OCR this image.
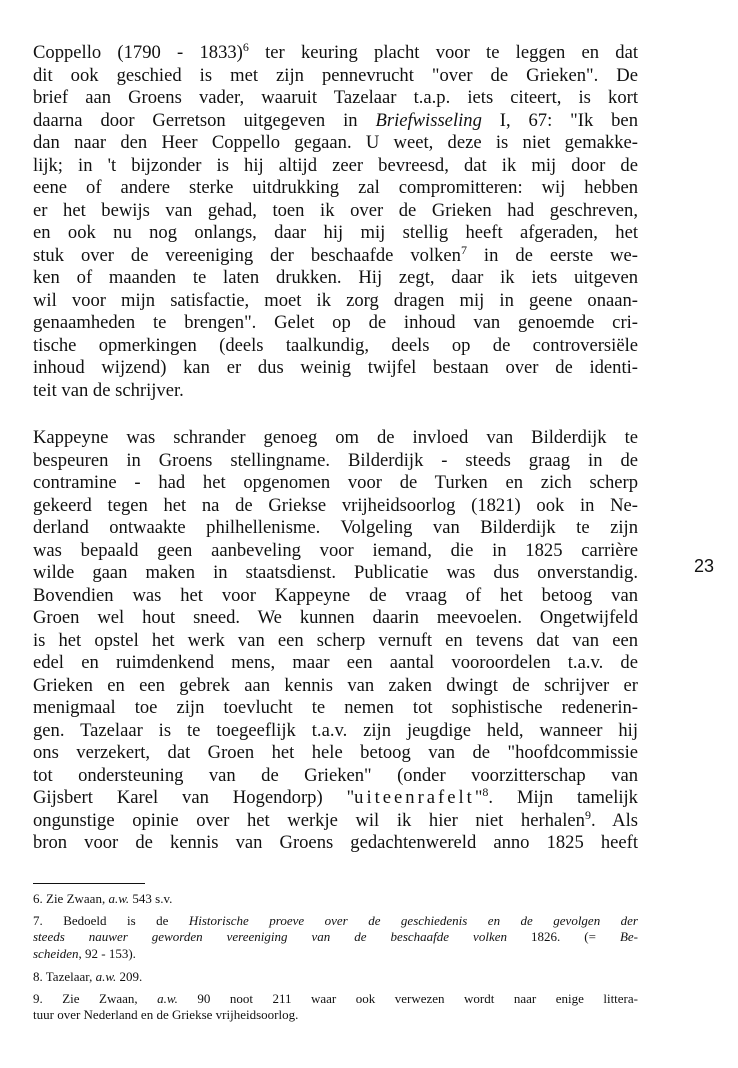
Coppello (1790 - 1833)$^6$ ter keuring placht voor te leggen en dat
dit ook geschied is met zijn pennevrucht "over de Grieken". De
brief aan Groens vader, waaruit Tazelaar t.a.p. iets citeert, is kort
daarna door Gerretson uitgegeven in Briefwisseling I, 67: "Ik ben
dan naar den Heer Coppello gegaan. U weet, deze is niet gemakke-
lijk; in 't bijzonder is hij altijd zeer bevreesd, dat ik mij door de
eene of andere sterke uitdrukking zal compromitteren: wij hebben
er het bewijs van gehad, toen ik over de Grieken had geschreven,
en ook nu nog onlangs, daar hij mij stellig heeft afgeraden, het
stuk over de vereeniging der beschaafde volken$^7$ in de eerste we-
ken of maanden te laten drukken. Hij zegt, daar ik iets uitgeven
wil voor mijn satisfactie, moet ik zorg dragen mij in geene onaan-
genaamheden te brengen". Gelet op de inhoud van genoemde cri-
tische opmerkingen (deels taalkundig, deels op de controversiële
inhoud wijzend) kan er dus weinig twijfel bestaan over de identi-
teit van de schrijver.

Kappeyne was schrander genoeg om de invloed van Bilderdijk te
bespeuren in Groens stellingname. Bilderdijk - steeds graag in de
contramine - had het opgenomen voor de Turken en zich scherp
gekeerd tegen het na de Griekse vrijheidsoorlog (1821) ook in Ne-
derland ontwaakte philhellenisme. Volgeling van Bilderdijk te zijn
was bepaald geen aanbeveling voor iemand, die in 1825 carrière
wilde gaan maken in staatsdienst. Publicatie was dus onverstandig.
Bovendien was het voor Kappeyne de vraag of het betoog van
Groen wel hout sneed. We kunnen daarin meevoelen. Ongetwijfeld
is het opstel het werk van een scherp vernuft en tevens dat van een
edel en ruimdenkend mens, maar een aantal vooroordelen t.a.v. de
Grieken en een gebrek aan kennis van zaken dwingt de schrijver er
menigmaal toe zijn toevlucht te nemen tot sophistische redenerin-
gen. Tazelaar is te toegeeflijk t.a.v. zijn jeugdige held, wanneer hij
ons verzekert, dat Groen het hele betoog van de "hoofdcommissie
tot ondersteuning van de Grieken" (onder voorzitterschap van
Gijsbert Karel van Hogendorp) "uiteenrafelt"$^8$. Mijn tamelijk
ongunstige opinie over het werkje wil ik hier niet herhalen$^9$. Als
bron voor de kennis van Groens gedachtenwereld anno 1825 heeft

23
6. Zie Zwaan, a.w. 543 s.v.
7. Bedoeld is de Historische proeve over de geschiedenis en de gevolgen der
steeds nauwer geworden vereeniging van de beschaafde volken 1826. (= Be-
scheiden, 92 - 153).
8. Tazelaar, a.w. 209.
9. Zie Zwaan, a.w. 90 noot 211 waar ook verwezen wordt naar enige littera-
tuur over Nederland en de Griekse vrijheidsoorlog.
